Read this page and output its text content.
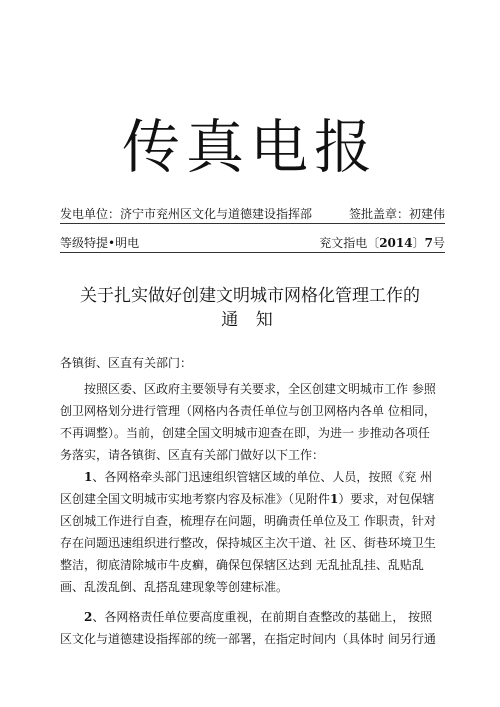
传真电报
发电单位：济宁市兖州区文化与道德建设指挥部	签批盖章：初建伟
等级特提•明电	兖文指电〔2014〕7号
关于扎实做好创建文明城市网格化管理工作的
通 知
各镇街、区直有关部门：
按照区委、区政府主要领导有关要求，全区创建文明城市工作 参照创卫网格划分进行管理（网格内各责任单位与创卫网格内各单 位相同，不再调整）。当前，创建全国文明城市迎查在即，为进一 步推动各项任务落实，请各镇街、区直有关部门做好以下工作：
1、各网格牵头部门迅速组织管辖区域的单位、人员，按照《兖 州区创建全国文明城市实地考察内容及标准》（见附件1）要求，对包保辖区创城工作进行自查，梳理存在问题，明确责任单位及工 作职责，针对存在问题迅速组织进行整改，保持城区主次干道、社 区、街巷环境卫生整洁，彻底清除城市牛皮癣，确保包保辖区达到 无乱扯乱挂、乱贴乱画、乱泼乱倒、乱搭乱建现象等创建标准。
2、各网格责任单位要高度重视，在前期自查整改的基础上， 按照区文化与道德建设指挥部的统一部署，在指定时间内（具体时 间另行通
